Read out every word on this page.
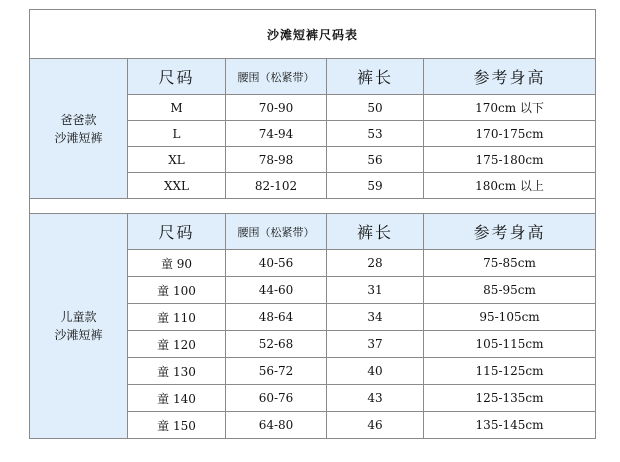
沙滩短裤尺码表				

爸爸款
沙滩短裤	尺码	腰围（松紧带）	裤长	参考身高
	M	70-90	50	170cm 以下
	L	74-94	53	170-175cm
	XL	78-98	56	175-180cm
	XXL	82-102	59	180cm 以上

儿童款
沙滩短裤	尺码	腰围（松紧带）	裤长	参考身高
	童 90	40-56	28	75-85cm
	童 100	44-60	31	85-95cm
	童 110	48-64	34	95-105cm
	童 120	52-68	37	105-115cm
	童 130	56-72	40	115-125cm
	童 140	60-76	43	125-135cm
	童 150	64-80	46	135-145cm
